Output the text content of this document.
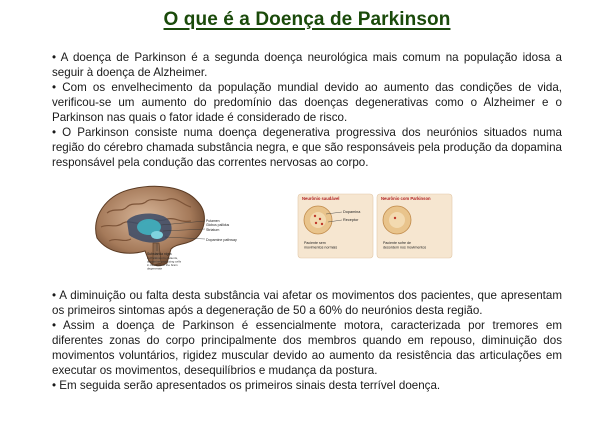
O que é a Doença de Parkinson

• A doença de Parkinson é a segunda doença neurológica mais comum na população idosa a seguir à doença de Alzheimer.

• Com os envelhecimento da população mundial devido ao aumento das condições de vida, verificou-se um aumento do predomínio das doenças degenerativas como o Alzheimer e o Parkinson nas quais o fator idade é considerado de risco.

• O Parkinson consiste numa doença degenerativa progressiva dos neurónios situados numa região do cérebro chamada substância negra, e que são responsáveis pela produção da dopamina responsável pela condução das correntes nervosas ao corpo.

Putamen
Globus pallidus
Striatum
Dopamine pathway
Substantia nigra
In Parkinson's patients,
dopamine-producing cells
in this area of the brain
degenerate
Neurônio saudável
Dopamina
Receptor
Paciente sem
movimentos normais
Neurônio com Parkinson
Paciente sofre de
desordem nos movimentos

• A diminuição ou falta desta substância vai afetar os movimentos dos pacientes, que apresentam os primeiros sintomas após a degeneração de 50 a 60% do neurónios desta região.

• Assim a doença de Parkinson é essencialmente motora, caracterizada por tremores em diferentes zonas do corpo principalmente dos membros quando em repouso, diminuição dos movimentos voluntários, rigidez muscular devido ao aumento da resistência das articulações em executar os movimentos, desequilíbrios e mudança da postura.

• Em seguida serão apresentados os primeiros sinais desta terrível doença.
